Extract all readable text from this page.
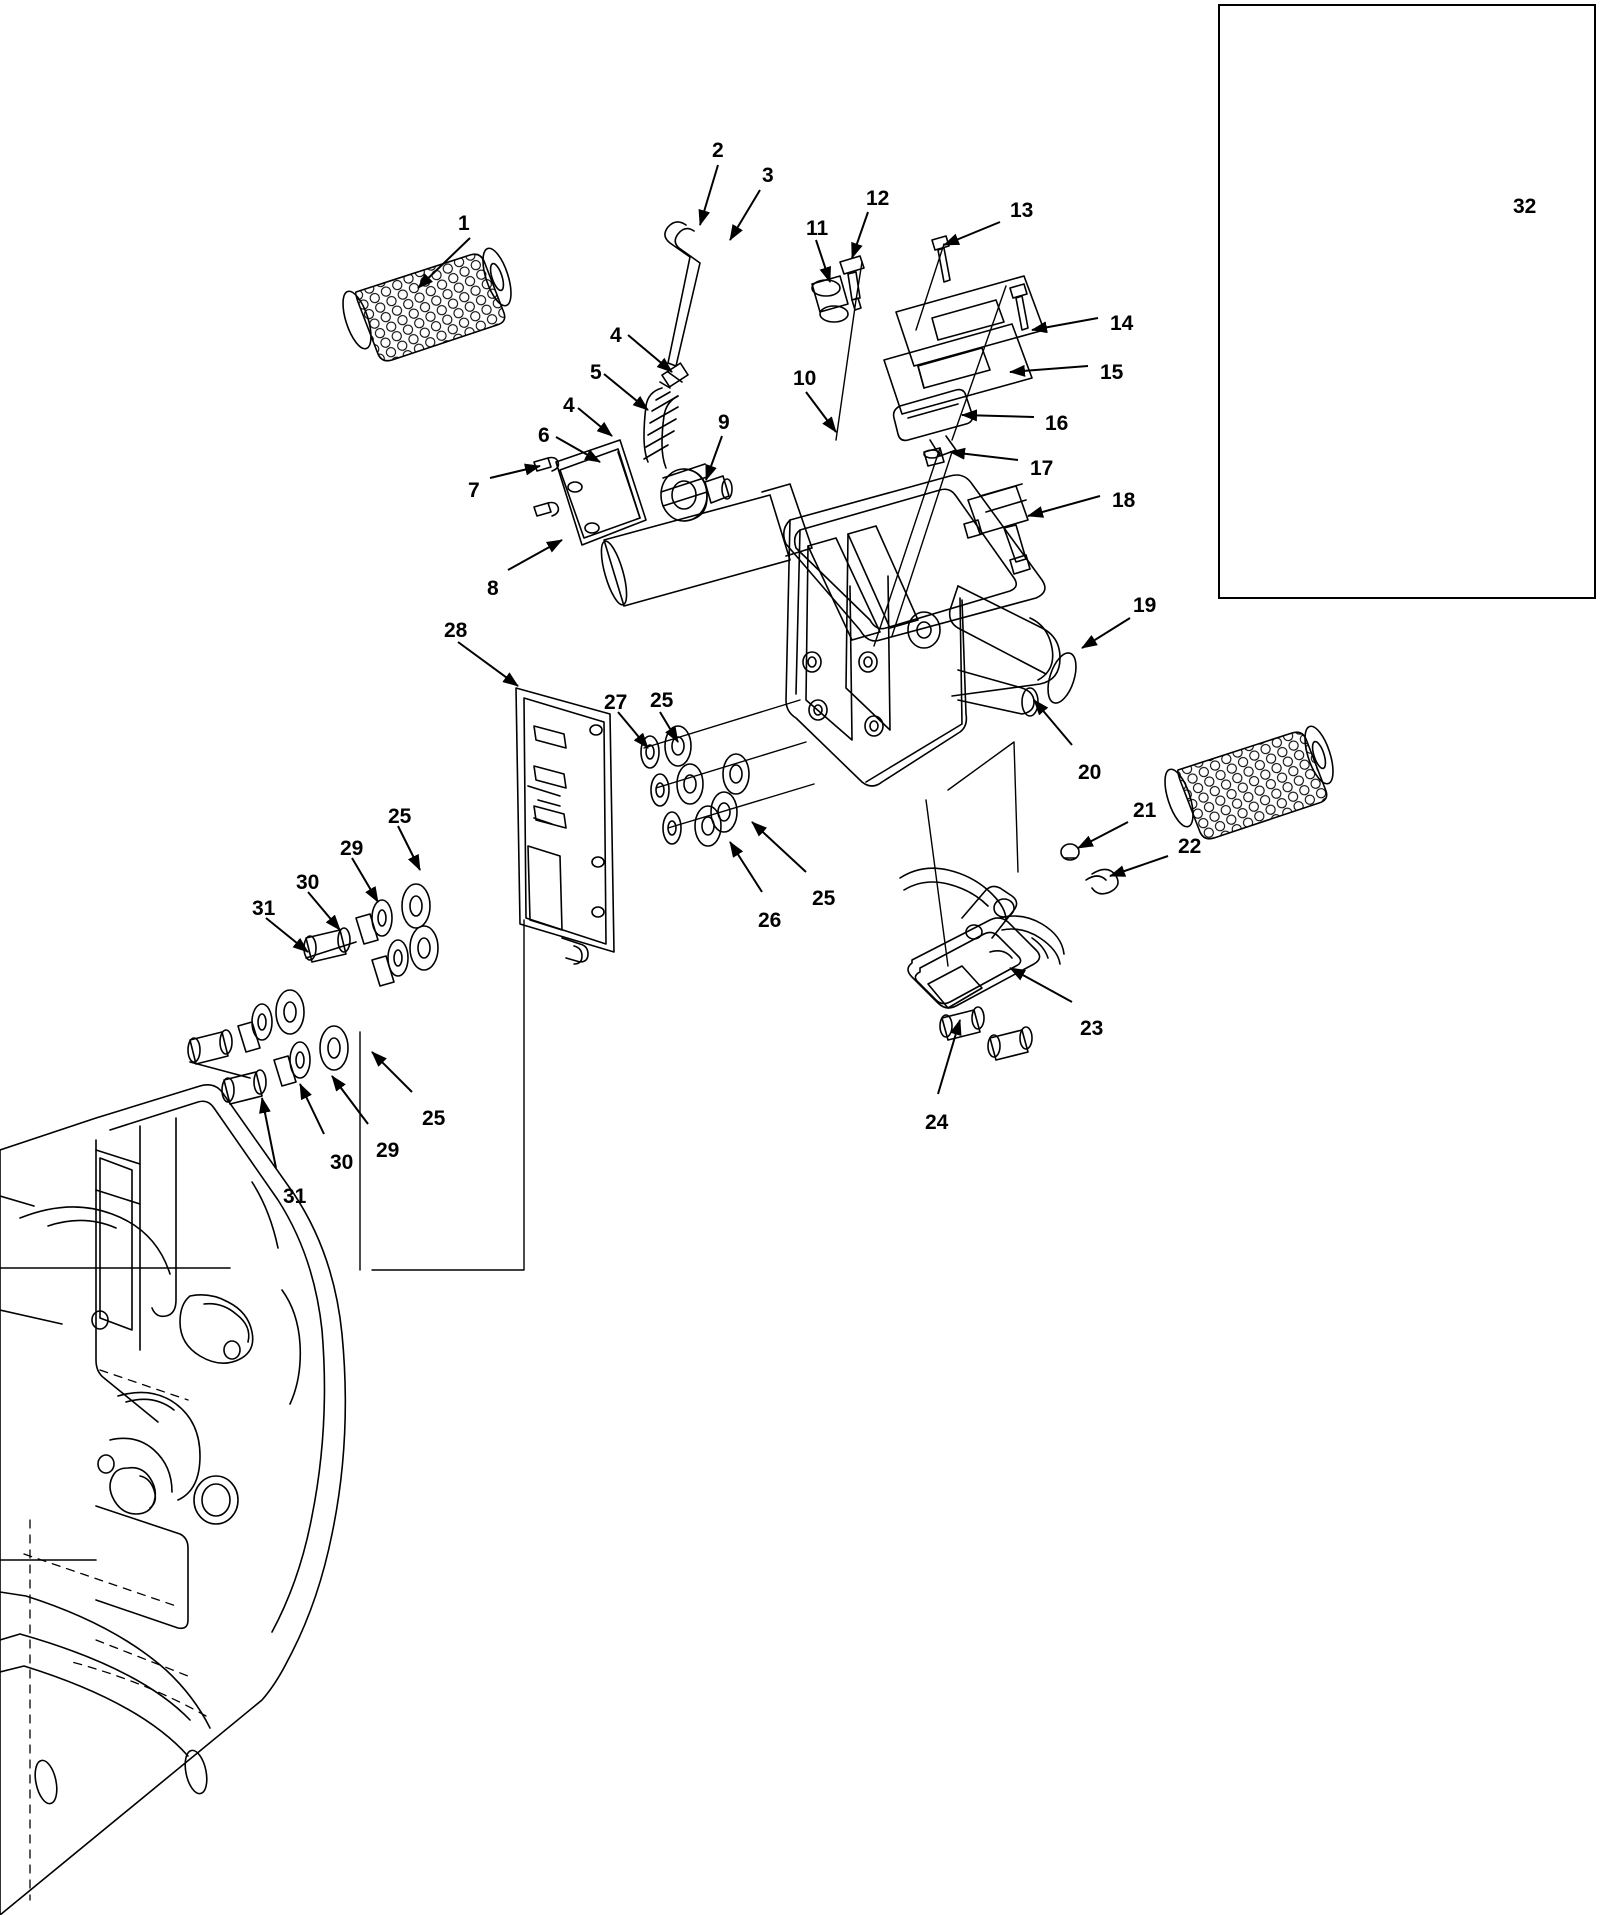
1
2
3
4
5
4
6
7
8
9
10
11
12
13
14
15
16
17
18
19
20
21
22
23
24
25
26
27
28
29
30
31
25
25
25
29
30
31
32
